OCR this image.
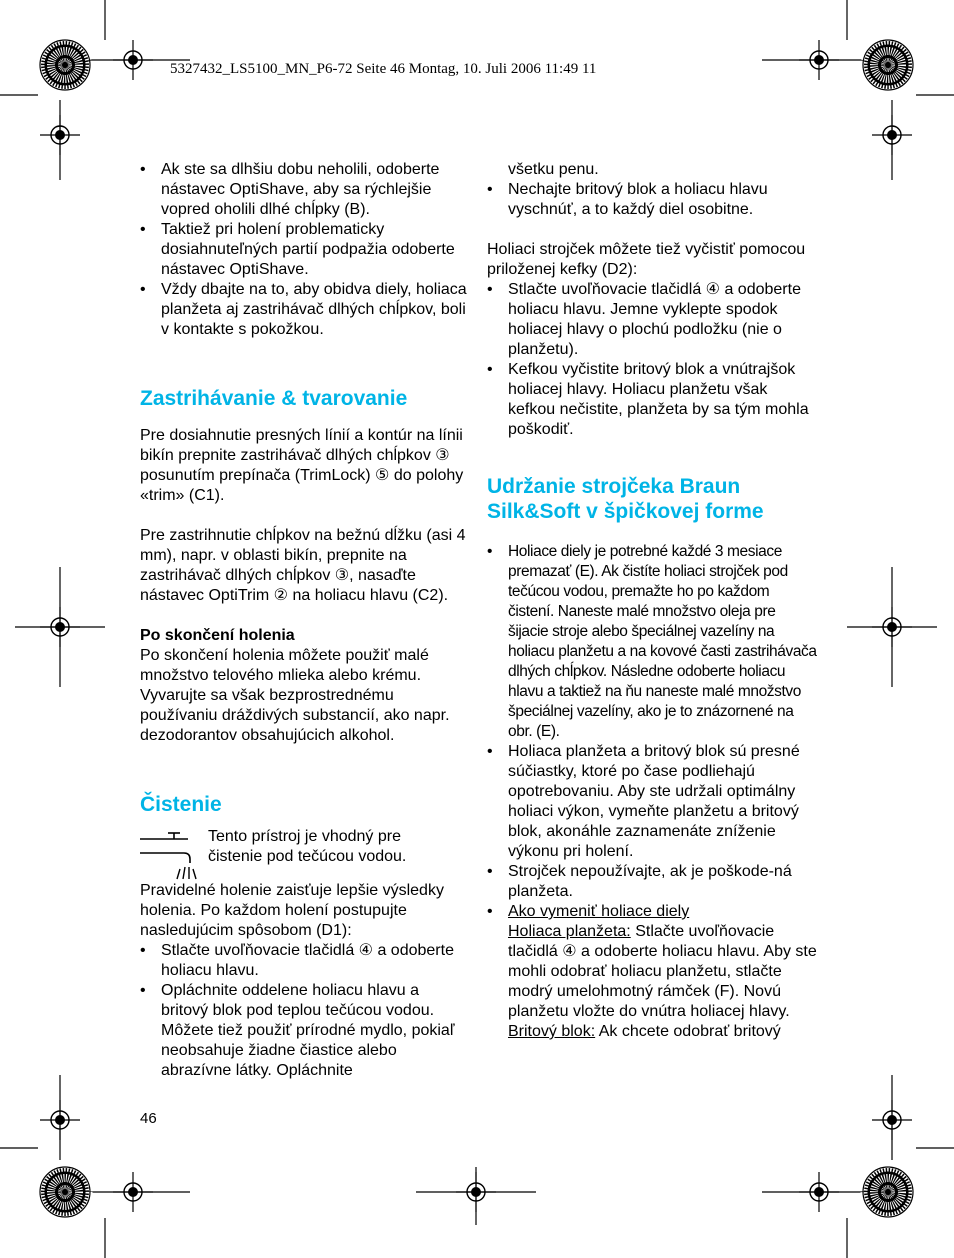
5327432_LS5100_MN_P6-72 Seite 46 Montag, 10. Juli 2006 11:49 11
• Ak ste sa dlhšiu dobu neholili, odoberte nástavec OptiShave, aby sa rýchlejšie vopred oholili dlhé chĺpky (B).
• Taktiež pri holení problematicky dosiahnuteľných partií podpažia odoberte nástavec OptiShave.
• Vždy dbajte na to, aby obidva diely, holiaca planžeta aj zastrihávač dlhých chĺpkov, boli v kontakte s pokožkou.
Zastrihávanie & tvarovanie

Pre dosiahnutie presných línií a kontúr na línii bikín prepnite zastrihávač dlhých chĺpkov ③ posunutím prepínača (TrimLock) ⑤ do polohy «trim» (C1).

Pre zastrihnutie chĺpkov na bežnú dĺžku (asi 4 mm), napr. v oblasti bikín, prepnite na zastrihávač dlhých chĺpkov ③, nasaďte nástavec OptiTrim ② na holiacu hlavu (C2).

Po skončení holenia

Po skončení holenia môžete použiť malé množstvo telového mlieka alebo krému. Vyvarujte sa však bezprostrednému používaniu dráždivých substancií, ako napr. dezodorantov obsahujúcich alkohol.

Čistenie

Tento prístroj je vhodný pre čistenie pod tečúcou vodou.

Pravidelné holenie zaisťuje lepšie výsledky holenia. Po každom holení postupujte nasledujúcim spôsobom (D1):

• Stlačte uvoľňovacie tlačidlá ④ a odoberte holiacu hlavu.
• Opláchnite oddelene holiacu hlavu a britový blok pod teplou tečúcou vodou. Môžete tiež použiť prírodné mydlo, pokiaľ neobsahuje žiadne čiastice alebo abrazívne látky. Opláchnite

všetku penu.

• Nechajte britový blok a holiacu hlavu vyschnúť, a to každý diel osobitne.

Holiaci strojček môžete tiež vyčistiť pomocou priloženej kefky (D2):

• Stlačte uvoľňovacie tlačidlá ④ a odoberte holiacu hlavu. Jemne vyklepte spodok holiacej hlavy o plochú podložku (nie o planžetu).
• Kefkou vyčistite britový blok a vnútrajšok holiacej hlavy. Holiacu planžetu však kefkou nečistite, planžeta by sa tým mohla poškodiť.
Udržanie strojčeka Braun Silk&Soft v špičkovej forme
• Holiace diely je potrebné každé 3 mesiace premazať (E). Ak čistíte holiaci strojček pod tečúcou vodou, premažte ho po každom čistení. Naneste malé množstvo oleja pre šijacie stroje alebo špeciálnej vazelíny na holiacu planžetu a na kovové časti zastrihávača dlhých chĺpkov. Následne odoberte holiacu hlavu a taktiež na ňu naneste malé množstvo špeciálnej vazelíny, ako je to znázornené na obr. (E).
• Holiaca planžeta a britový blok sú presné súčiastky, ktoré po čase podliehajú opotrebovaniu. Aby ste udržali optimálny holiaci výkon, vymeňte planžetu a britový blok, akonáhle zaznamenáte zníženie výkonu pri holení.
• Strojček nepoužívajte, ak je poškode-ná planžeta.
• Ako vymeniť holiace diely
Holiaca planžeta: Stlačte uvoľňovacie tlačidlá ④ a odoberte holiacu hlavu. Aby ste mohli odobrať holiacu planžetu, stlačte modrý umelohmotný rámček (F). Novú planžetu vložte do vnútra holiacej hlavy.
Britový blok: Ak chcete odobrať britový
46
